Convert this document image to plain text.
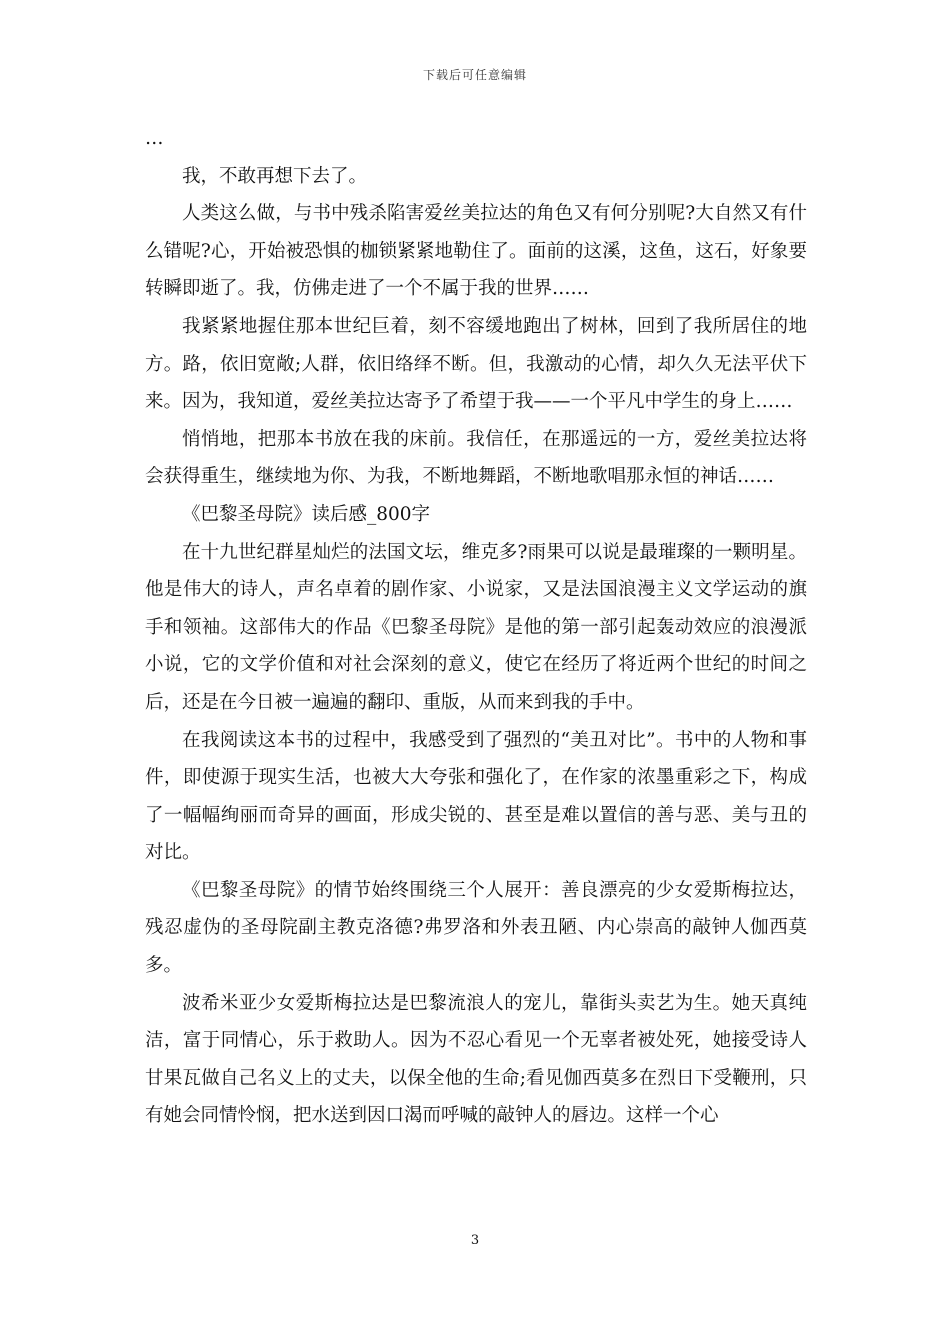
下载后可任意编辑

…

我，不敢再想下去了。

人类这么做，与书中残杀陷害爱丝美拉达的角色又有何分别呢?大自然又有什么错呢?心，开始被恐惧的枷锁紧紧地勒住了。面前的这溪，这鱼，这石，好象要转瞬即逝了。我，仿佛走进了一个不属于我的世界……

我紧紧地握住那本世纪巨着，刻不容缓地跑出了树林，回到了我所居住的地方。路，依旧宽敞;人群，依旧络绎不断。但，我激动的心情，却久久无法平伏下来。因为，我知道，爱丝美拉达寄予了希望于我——一个平凡中学生的身上……

悄悄地，把那本书放在我的床前。我信任，在那遥远的一方，爱丝美拉达将会获得重生，继续地为你、为我，不断地舞蹈，不断地歌唱那永恒的神话……

《巴黎圣母院》读后感_800字

在十九世纪群星灿烂的法国文坛，维克多?雨果可以说是最璀璨的一颗明星。他是伟大的诗人，声名卓着的剧作家、小说家，又是法国浪漫主义文学运动的旗手和领袖。这部伟大的作品《巴黎圣母院》是他的第一部引起轰动效应的浪漫派小说，它的文学价值和对社会深刻的意义，使它在经历了将近两个世纪的时间之后，还是在今日被一遍遍的翻印、重版，从而来到我的手中。

在我阅读这本书的过程中，我感受到了强烈的“美丑对比”。书中的人物和事件，即使源于现实生活，也被大大夸张和强化了，在作家的浓墨重彩之下，构成了一幅幅绚丽而奇异的画面，形成尖锐的、甚至是难以置信的善与恶、美与丑的对比。

《巴黎圣母院》的情节始终围绕三个人展开：善良漂亮的少女爱斯梅拉达，残忍虚伪的圣母院副主教克洛德?弗罗洛和外表丑陋、内心崇高的敲钟人伽西莫多。

波希米亚少女爱斯梅拉达是巴黎流浪人的宠儿，靠街头卖艺为生。她天真纯洁，富于同情心，乐于救助人。因为不忍心看见一个无辜者被处死，她接受诗人甘果瓦做自己名义上的丈夫，以保全他的生命;看见伽西莫多在烈日下受鞭刑，只有她会同情怜悯，把水送到因口渴而呼喊的敲钟人的唇边。这样一个心

3
